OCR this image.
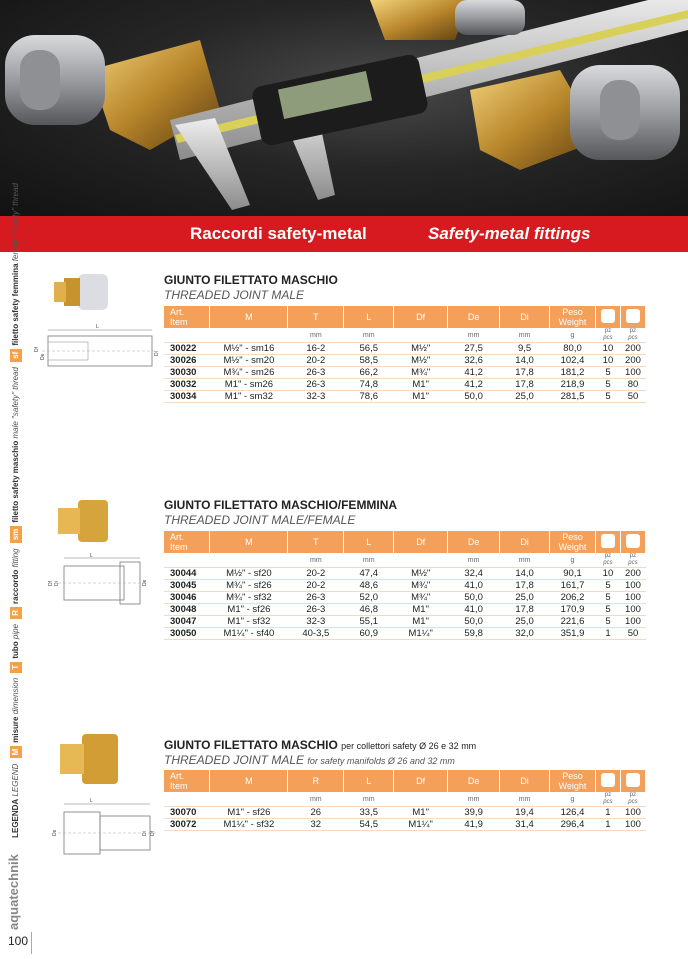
Raccordi safety-metal	Safety-metal fittings
aquatechnik LEGENDA LEGEND Mmisure dimension Ttubo pipe Rraccordo fitting smfiletto safety maschio male "safety" thread sffiletto safety femmina female "safety" thread
100
L
Df
De	Di
GIUNTO FILETTATO MASCHIO
THREADED JOINT MALE
Art.
Item	M	T	L	Df	De	Di	Peso
Weight		
		mm	mm		mm	mm	g	pz
pcs	pz
pcs
30022	M½" - sm16	16-2	56,5	M½"	27,5	9,5	80,0	10	200
30026	M½" - sm20	20-2	58,5	M½"	32,6	14,0	102,4	10	200
30030	M¾" - sm26	26-3	66,2	M¾"	41,2	17,8	181,2	5	100
30032	M1" - sm26	26-3	74,8	M1"	41,2	17,8	218,9	5	80
30034	M1" - sm32	32-3	78,6	M1"	50,0	25,0	281,5	5	50
L
Df Di	De
GIUNTO FILETTATO MASCHIO/FEMMINA
THREADED JOINT MALE/FEMALE
Art.
Item	M	T	L	Df	De	Di	Peso
Weight		
		mm	mm		mm	mm	g	pz
pcs	pz
pcs
30044	M½" - sf20	20-2	47,4	M½"	32,4	14,0	90,1	10	200
30045	M¾" - sf26	20-2	48,6	M¾"	41,0	17,8	161,7	5	100
30046	M¾" - sf32	26-3	52,0	M¾"	50,0	25,0	206,2	5	100
30048	M1" - sf26	26-3	46,8	M1"	41,0	17,8	170,9	5	100
30047	M1" - sf32	32-3	55,1	M1"	50,0	25,0	221,6	5	100
30050	M1¼" - sf40	40-3,5	60,9	M1¼"	59,8	32,0	351,9	1	50
L
De	Di Df
GIUNTO FILETTATO MASCHIO per collettori safety Ø 26 e 32 mm
THREADED JOINT MALE for safety manifolds Ø 26 and 32 mm
Art.
Item	M	R	L	Df	De	Di	Peso
Weight		
		mm	mm		mm	mm	g	pz
pcs	pz
pcs
30070	M1" - sf26	26	33,5	M1"	39,9	19,4	126,4	1	100
30072	M1¼" - sf32	32	54,5	M1¼"	41,9	31,4	296,4	1	100
